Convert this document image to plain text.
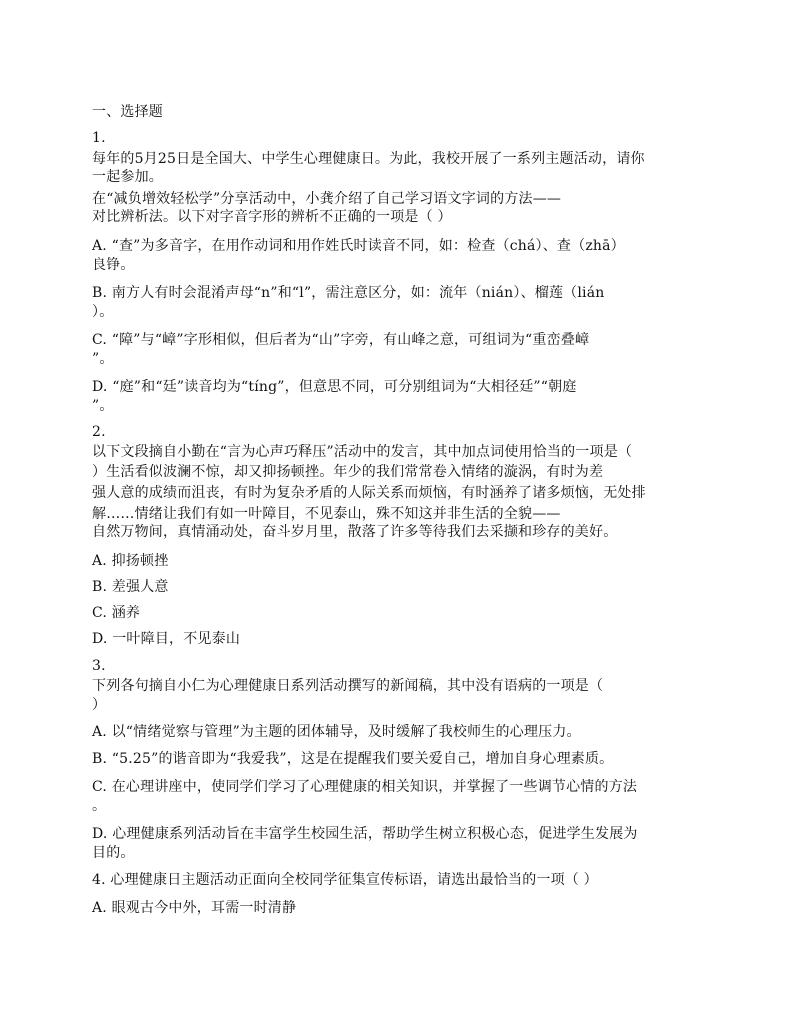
一、选择题
1.
每年的5月25日是全国大、中学生心理健康日。为此，我校开展了一系列主题活动，请你
一起参加。
在“减负增效轻松学”分享活动中，小龚介绍了自己学习语文字词的方法——
对比辨析法。以下对字音字形的辨析不正确的一项是（ ）
A. “查”为多音字，在用作动词和用作姓氏时读音不同，如：检查（chá）、查（zhā）
良铮。
B. 南方人有时会混淆声母“n”和“l”，需注意区分，如：流年（nián）、榴莲（lián
）。
C. “障”与“嶂”字形相似，但后者为“山”字旁，有山峰之意，可组词为“重峦叠嶂
”。
D. “庭”和“廷”读音均为“tíng”，但意思不同，可分别组词为“大相径廷”“朝庭
”。
2.
以下文段摘自小勤在“言为心声巧释压”活动中的发言，其中加点词使用恰当的一项是（
）生活看似波澜不惊，却又抑扬顿挫。年少的我们常常卷入情绪的漩涡，有时为差
强人意的成绩而沮丧，有时为复杂矛盾的人际关系而烦恼，有时涵养了诸多烦恼，无处排
解……情绪让我们有如一叶障目，不见泰山，殊不知这并非生活的全貌——
自然万物间，真情涌动处，奋斗岁月里，散落了许多等待我们去采撷和珍存的美好。
A. 抑扬顿挫
B. 差强人意
C. 涵养
D. 一叶障目，不见泰山
3.
下列各句摘自小仁为心理健康日系列活动撰写的新闻稿，其中没有语病的一项是（
）
A. 以“情绪觉察与管理”为主题的团体辅导，及时缓解了我校师生的心理压力。
B. “5.25”的谐音即为“我爱我”，这是在提醒我们要关爱自己，增加自身心理素质。
C. 在心理讲座中，使同学们学习了心理健康的相关知识，并掌握了一些调节心情的方法
。
D. 心理健康系列活动旨在丰富学生校园生活，帮助学生树立积极心态，促进学生发展为
目的。
4. 心理健康日主题活动正面向全校同学征集宣传标语，请选出最恰当的一项（ ）
A. 眼观古今中外，耳需一时清静
